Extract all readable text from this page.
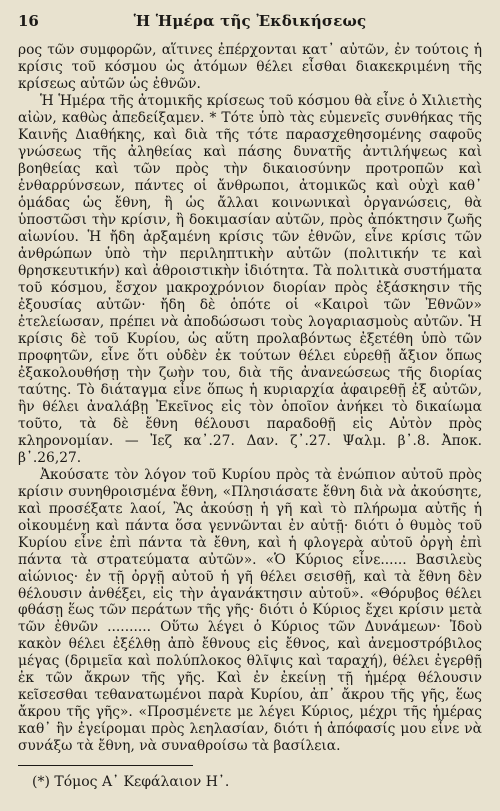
16	Ἡ Ἡμέρα τῆς Ἐκδικήσεως

ρος τῶν συμφορῶν, αἵτινες ἐπέρχονται κατ᾽ αὐτῶν, ἐν τούτοις ἡ κρίσις τοῦ κόσμου ὡς ἀτόμων θέλει εἶσθαι διακεκριμένη τῆς κρίσεως αὐτῶν ὡς ἐθνῶν.

Ἡ Ἡμέρα τῆς ἀτομικῆς κρίσεως τοῦ κόσμου θὰ εἶνε ὁ Χιλιετὴς αἰὼν, καθὼς ἀπεδείξαμεν. * Τότε ὑπὸ τὰς εὐμενεῖς συνθήκας τῆς Καινῆς Διαθήκης, καὶ διὰ τῆς τότε παρασχεθησομένης σαφοῦς γνώσεως τῆς ἀληθείας καὶ πάσης δυνατῆς ἀντιλήψεως καὶ βοηθείας καὶ τῶν πρὸς τὴν δικαιοσύνην προτροπῶν καὶ ἐνθαρρύνσεων, πάντες οἱ ἄνθρωποι, ἀτομικῶς καὶ οὐχὶ καθ᾽ ὁμάδας ὡς ἔθνη, ἢ ὡς ἄλλαι κοινωνικαὶ ὀργανώσεις, θὰ ὑποστῶσι τὴν κρίσιν, ἢ δοκιμασίαν αὐτῶν, πρὸς ἀπόκτησιν ζωῆς αἰωνίου. Ἡ ἤδη ἀρξαμένη κρίσις τῶν ἐθνῶν, εἶνε κρίσις τῶν ἀνθρώπων ὑπὸ τὴν περιληπτικὴν αὐτῶν (πολιτικήν τε καὶ θρησκευτικήν) καὶ ἀθροιστικὴν ἰδιότητα. Τὰ πολιτικὰ συστήματα τοῦ κόσμου, ἔσχον μακροχρόνιον διορίαν πρὸς ἐξάσκησιν τῆς ἐξουσίας αὐτῶν· ἤδη δὲ ὁπότε οἱ «Καιροὶ τῶν Ἐθνῶν» ἐτελείωσαν, πρέπει νὰ ἀποδώσωσι τοὺς λογαριασμοὺς αὐτῶν. Ἡ κρίσις δὲ τοῦ Κυρίου, ὡς αὕτη προλαβόντως ἐξετέθη ὑπὸ τῶν προφητῶν, εἶνε ὅτι οὐδὲν ἐκ τούτων θέλει εὑρεθῇ ἄξιον ὅπως ἐξακολουθήσῃ τὴν ζωὴν του, διὰ τῆς ἀνανεώσεως τῆς διορίας ταύτης. Τὸ διάταγμα εἶνε ὅπως ἡ κυριαρχία ἀφαιρεθῇ ἐξ αὐτῶν, ἣν θέλει ἀναλάβῃ Ἐκεῖνος εἰς τὸν ὁποῖον ἀνήκει τὸ δικαίωμα τοῦτο, τὰ δὲ ἔθνη θέλουσι παραδοθῇ εἰς Αὐτὸν πρὸς κληρονομίαν. — Ἰεζ κα᾽.27. Δαν. ζ᾽.27. Ψαλμ. β᾽.8. Ἀποκ. β᾽.26,27.

Ἀκούσατε τὸν λόγον τοῦ Κυρίου πρὸς τὰ ἐνώπιον αὐτοῦ πρὸς κρίσιν συνηθροισμένα ἔθνη, «Πλησιάσατε ἔθνη διὰ νὰ ἀκούσητε, καὶ προσέξατε λαοί, Ἂς ἀκούσῃ ἡ γῆ καὶ τὸ πλήρωμα αὐτῆς ἡ οἰκουμένη καὶ πάντα ὅσα γεννῶνται ἐν αὐτῇ· διότι ὁ θυμὸς τοῦ Κυρίου εἶνε ἐπὶ πάντα τὰ ἔθνη, καὶ ἡ φλογερὰ αὐτοῦ ὀργὴ ἐπὶ πάντα τὰ στρατεύματα αὐτῶν». «Ὁ Κύριος εἶνε...... Βασιλεὺς αἰώνιος· ἐν τῇ ὀργῇ αὐτοῦ ἡ γῆ θέλει σεισθῇ, καὶ τὰ ἔθνη δὲν θέλουσιν ἀνθέξει, εἰς τὴν ἀγανάκτησιν αὐτοῦ». «Θόρυβος θέλει φθάσῃ ἕως τῶν περάτων τῆς γῆς· διότι ὁ Κύριος ἔχει κρίσιν μετὰ τῶν ἐθνῶν .......... Οὕτω λέγει ὁ Κύριος τῶν Δυνάμεων· Ἰδοὺ κακὸν θέλει ἐξέλθῃ ἀπὸ ἔθνους εἰς ἔθνος, καὶ ἀνεμοστρόβιλος μέγας (δριμεῖα καὶ πολύπλοκος θλῖψις καὶ ταραχή), θέλει ἐγερθῇ ἐκ τῶν ἄκρων τῆς γῆς. Καὶ ἐν ἐκείνῃ τῇ ἡμέρᾳ θέλουσιν κεῖσεσθαι τεθανατωμένοι παρὰ Κυρίου, ἀπ᾽ ἄκρου τῆς γῆς, ἕως ἄκρου τῆς γῆς». «Προσμένετε με λέγει Κύριος, μέχρι τῆς ἡμέρας καθ᾽ ἣν ἐγείρομαι πρὸς λεηλασίαν, διότι ἡ ἀπόφασίς μου εἶνε νὰ συνάξω τὰ ἔθνη, νὰ συναθροίσω τὰ βασίλεια.

(*) Τόμος Α᾽ Κεφάλαιον Η᾽.
